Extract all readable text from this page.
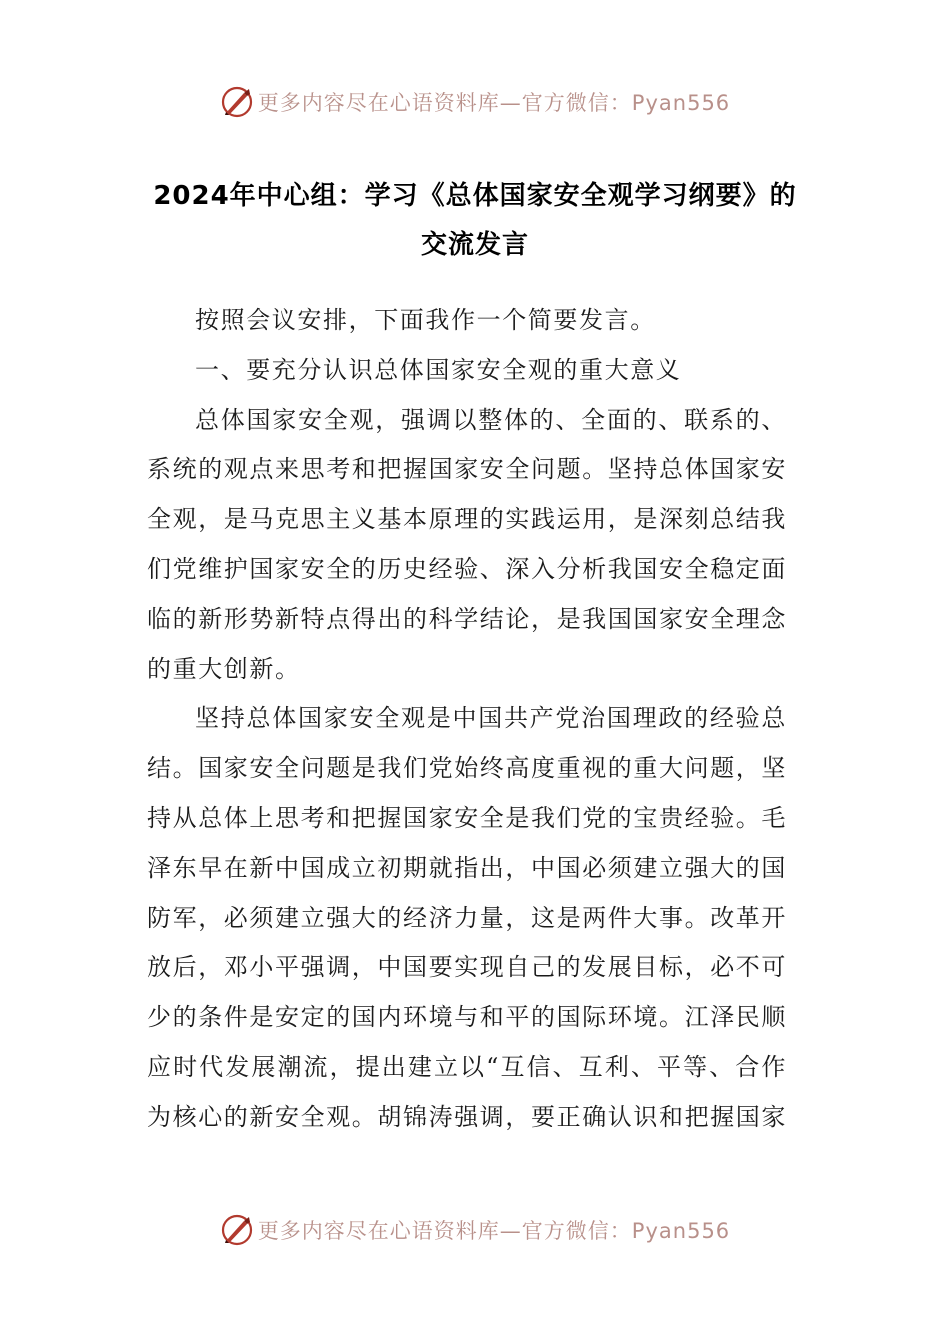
更多内容尽在心语资料库—官方微信：Pyan556
2024年中心组：学习《总体国家安全观学习纲要》的交流发言

按照会议安排，下面我作一个简要发言。

一、要充分认识总体国家安全观的重大意义

总体国家安全观，强调以整体的、全面的、联系的、系统的观点来思考和把握国家安全问题。坚持总体国家安全观，是马克思主义基本原理的实践运用，是深刻总结我们党维护国家安全的历史经验、深入分析我国安全稳定面临的新形势新特点得出的科学结论，是我国国家安全理念的重大创新。

坚持总体国家安全观是中国共产党治国理政的经验总结。国家安全问题是我们党始终高度重视的重大问题，坚持从总体上思考和把握国家安全是我们党的宝贵经验。毛泽东早在新中国成立初期就指出，中国必须建立强大的国防军，必须建立强大的经济力量，这是两件大事。改革开放后，邓小平强调，中国要实现自己的发展目标，必不可少的条件是安定的国内环境与和平的国际环境。江泽民顺应时代发展潮流，提出建立以“互信、互利、平等、合作为核心的新安全观。胡锦涛强调，要正确认识和把握国家

更多内容尽在心语资料库—官方微信：Pyan556
